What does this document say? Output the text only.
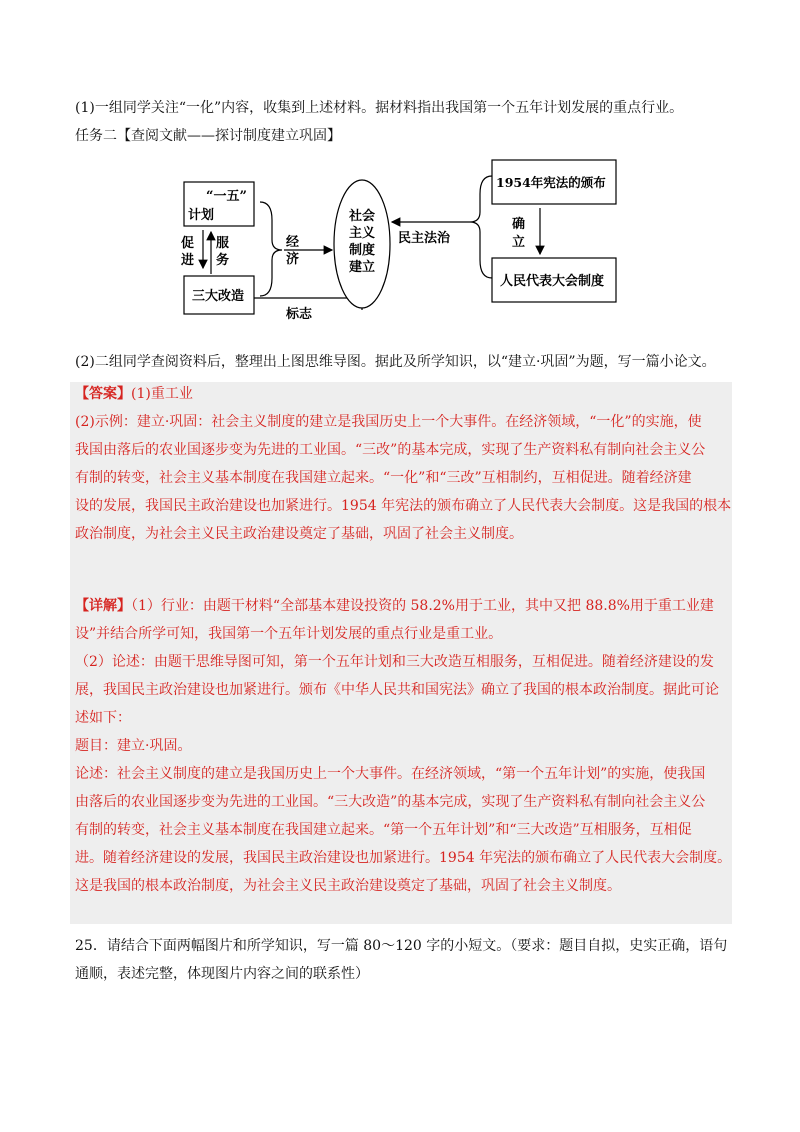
(1)一组同学关注“一化”内容，收集到上述材料。据材料指出我国第一个五年计划发展的重点行业。
任务二【查阅文献——探讨制度建立巩固】
“一五”
计划
促
进
服
务
三大改造
经
济
标志
社会
主义
制度
建立
民主法治
1954年宪法的颁布
确
立
人民代表大会制度
(2)二组同学查阅资料后，整理出上图思维导图。据此及所学知识，以“建立·巩固”为题，写一篇小论文。
【答案】(1)重工业
(2)示例：建立·巩固：社会主义制度的建立是我国历史上一个大事件。在经济领域，“一化”的实施，使
我国由落后的农业国逐步变为先进的工业国。“三改”的基本完成，实现了生产资料私有制向社会主义公
有制的转变，社会主义基本制度在我国建立起来。“一化”和“三改”互相制约，互相促进。随着经济建
设的发展，我国民主政治建设也加紧进行。1954 年宪法的颁布确立了人民代表大会制度。这是我国的根本
政治制度，为社会主义民主政治建设奠定了基础，巩固了社会主义制度。
【详解】（1）行业：由题干材料“全部基本建设投资的 58.2%用于工业，其中又把 88.8%用于重工业建
设”并结合所学可知，我国第一个五年计划发展的重点行业是重工业。
（2）论述：由题干思维导图可知，第一个五年计划和三大改造互相服务，互相促进。随着经济建设的发
展，我国民主政治建设也加紧进行。颁布《中华人民共和国宪法》确立了我国的根本政治制度。据此可论
述如下：
题目：建立·巩固。
论述：社会主义制度的建立是我国历史上一个大事件。在经济领域，“第一个五年计划”的实施，使我国
由落后的农业国逐步变为先进的工业国。“三大改造”的基本完成，实现了生产资料私有制向社会主义公
有制的转变，社会主义基本制度在我国建立起来。“第一个五年计划”和“三大改造”互相服务，互相促
进。随着经济建设的发展，我国民主政治建设也加紧进行。1954 年宪法的颁布确立了人民代表大会制度。
这是我国的根本政治制度，为社会主义民主政治建设奠定了基础，巩固了社会主义制度。
25．请结合下面两幅图片和所学知识，写一篇 80～120 字的小短文。（要求：题目自拟，史实正确，语句
通顺，表述完整，体现图片内容之间的联系性）
